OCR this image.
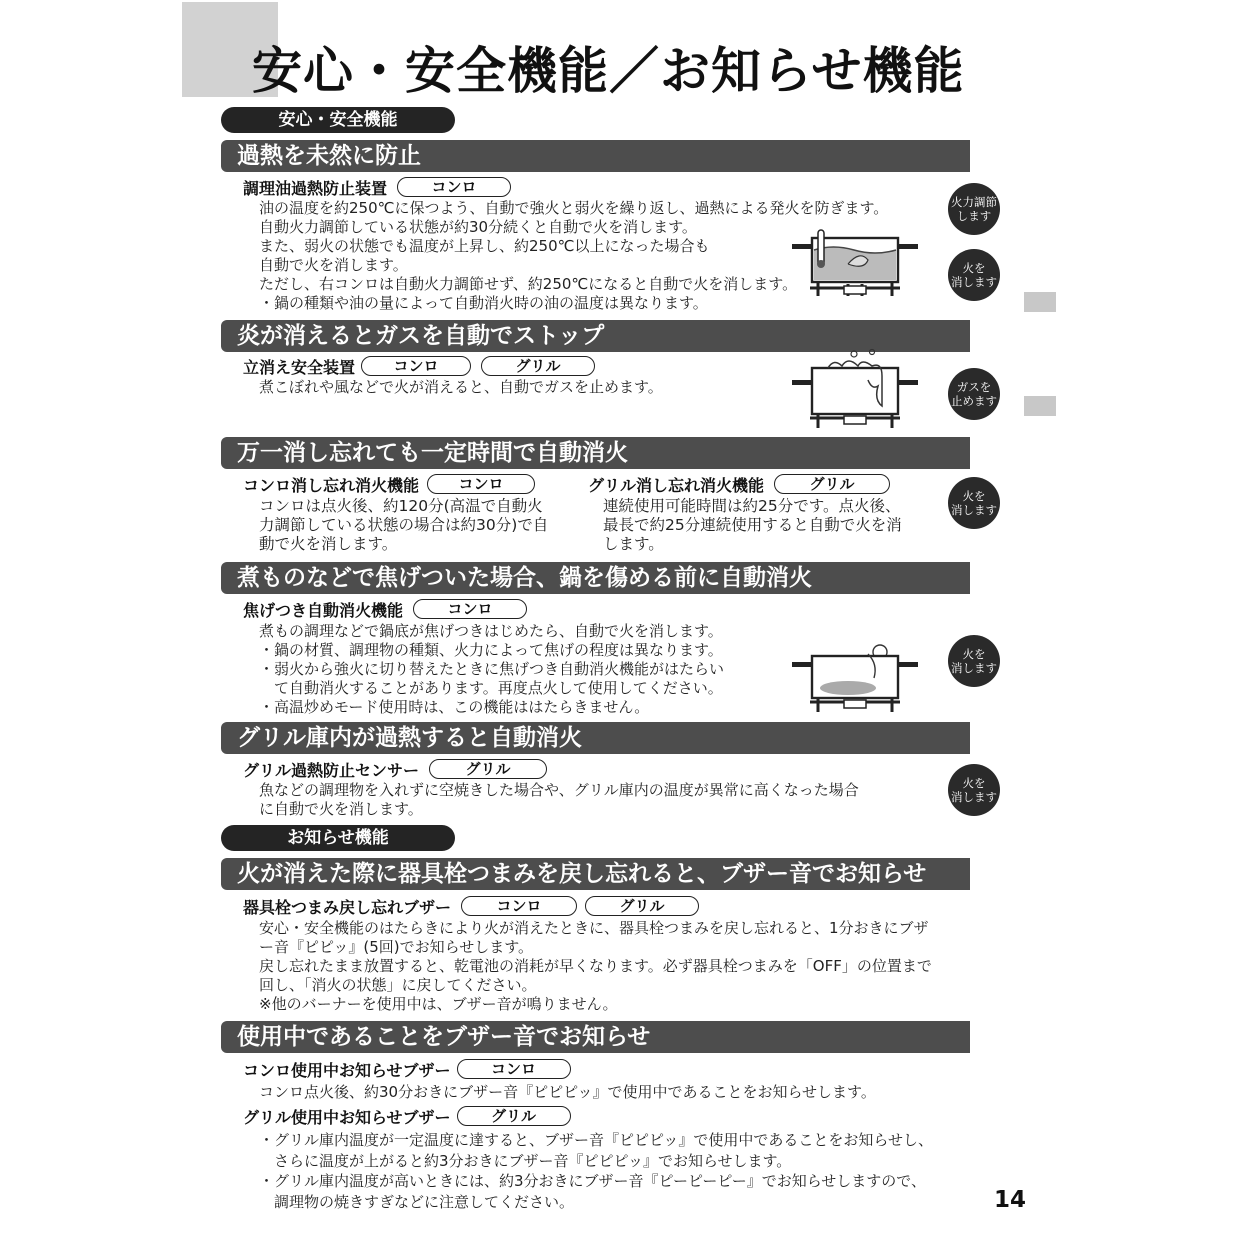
安心・安全機能／お知らせ機能
安心・安全機能
過熱を未然に防止
調理油過熱防止装置	コンロ
油の温度を約250℃に保つよう、自動で強火と弱火を繰り返し、過熱による発火を防ぎます。
自動火力調節している状態が約30分続くと自動で火を消します。
また、弱火の状態でも温度が上昇し、約250℃以上になった場合も
自動で火を消します。
ただし、右コンロは自動火力調節せず、約250℃になると自動で火を消します。
・鍋の種類や油の量によって自動消火時の油の温度は異なります。
火力調節
します
火を
消します
炎が消えるとガスを自動でストップ
立消え安全装置	コンロ	グリル
煮こぼれや風などで火が消えると、自動でガスを止めます。	ガスを
止めます
万一消し忘れても一定時間で自動消火
コンロ消し忘れ消火機能	コンロ
コンロは点火後、約120分(高温で自動火
力調節している状態の場合は約30分)で自
動で火を消します。
グリル消し忘れ消火機能	グリル
連続使用可能時間は約25分です。点火後、
最長で約25分連続使用すると自動で火を消
します。
火を
消します
煮ものなどで焦げついた場合、鍋を傷める前に自動消火
焦げつき自動消火機能	コンロ
煮もの調理などで鍋底が焦げつきはじめたら、自動で火を消します。
・鍋の材質、調理物の種類、火力によって焦げの程度は異なります。
・弱火から強火に切り替えたときに焦げつき自動消火機能がはたらい
　て自動消火することがあります。再度点火して使用してください。
・高温炒めモード使用時は、この機能ははたらきません。
火を
消します
グリル庫内が過熱すると自動消火
グリル過熱防止センサー	グリル
魚などの調理物を入れずに空焼きした場合や、グリル庫内の温度が異常に高くなった場合
に自動で火を消します。
火を
消します
お知らせ機能
火が消えた際に器具栓つまみを戻し忘れると、ブザー音でお知らせ
器具栓つまみ戻し忘れブザー	コンロ	グリル
安心・安全機能のはたらきにより火が消えたときに、器具栓つまみを戻し忘れると、1分おきにブザ
ー音『ピピッ』(5回)でお知らせします。
戻し忘れたまま放置すると、乾電池の消耗が早くなります。必ず器具栓つまみを「OFF」の位置まで
回し、「消火の状態」に戻してください。
※他のバーナーを使用中は、ブザー音が鳴りません。
使用中であることをブザー音でお知らせ
コンロ使用中お知らせブザー	コンロ
コンロ点火後、約30分おきにブザー音『ピピピッ』で使用中であることをお知らせします。
グリル使用中お知らせブザー	グリル
・グリル庫内温度が一定温度に達すると、ブザー音『ピピピッ』で使用中であることをお知らせし、
　さらに温度が上がると約3分おきにブザー音『ピピピッ』でお知らせします。
・グリル庫内温度が高いときには、約3分おきにブザー音『ピーピーピー』でお知らせしますので、
　調理物の焼きすぎなどに注意してください。	14
